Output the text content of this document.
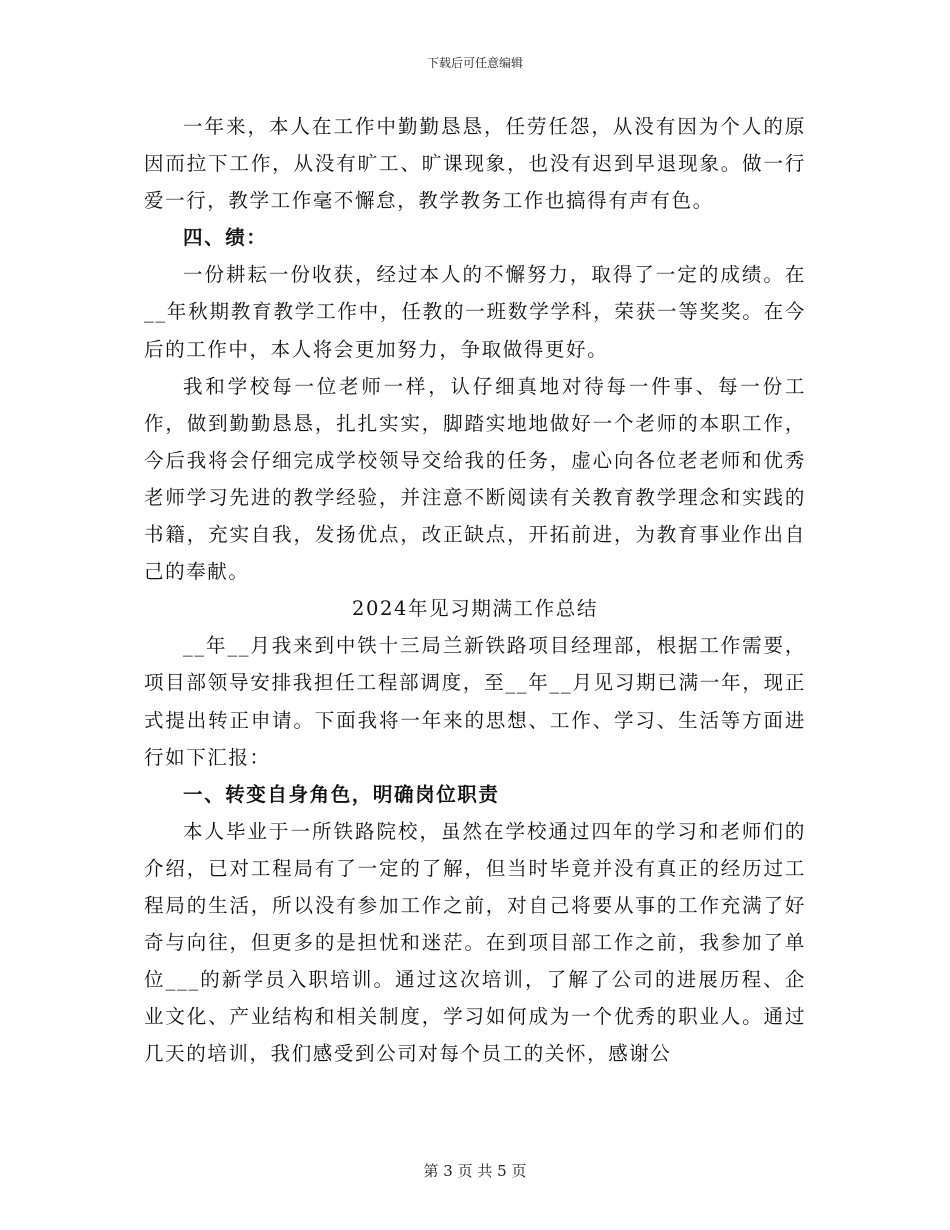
下载后可任意编辑

一年来，本人在工作中勤勤恳恳，任劳任怨，从没有因为个人的原因而拉下工作，从没有旷工、旷课现象，也没有迟到早退现象。做一行爱一行，教学工作毫不懈怠，教学教务工作也搞得有声有色。

四、绩：

一份耕耘一份收获，经过本人的不懈努力，取得了一定的成绩。在__年秋期教育教学工作中，任教的一班数学学科，荣获一等奖奖。在今后的工作中，本人将会更加努力，争取做得更好。

我和学校每一位老师一样，认仔细真地对待每一件事、每一份工作，做到勤勤恳恳，扎扎实实，脚踏实地地做好一个老师的本职工作，今后我将会仔细完成学校领导交给我的任务，虚心向各位老老师和优秀老师学习先进的教学经验，并注意不断阅读有关教育教学理念和实践的书籍，充实自我，发扬优点，改正缺点，开拓前进，为教育事业作出自己的奉献。

2024年见习期满工作总结

__年__月我来到中铁十三局兰新铁路项目经理部，根据工作需要，项目部领导安排我担任工程部调度，至__年__月见习期已满一年，现正式提出转正申请。下面我将一年来的思想、工作、学习、生活等方面进行如下汇报：

一、转变自身角色，明确岗位职责

本人毕业于一所铁路院校，虽然在学校通过四年的学习和老师们的介绍，已对工程局有了一定的了解，但当时毕竟并没有真正的经历过工程局的生活，所以没有参加工作之前，对自己将要从事的工作充满了好奇与向往，但更多的是担忧和迷茫。在到项目部工作之前，我参加了单位___的新学员入职培训。通过这次培训，了解了公司的进展历程、企业文化、产业结构和相关制度，学习如何成为一个优秀的职业人。通过几天的培训，我们感受到公司对每个员工的关怀，感谢公

第 3 页 共 5 页
